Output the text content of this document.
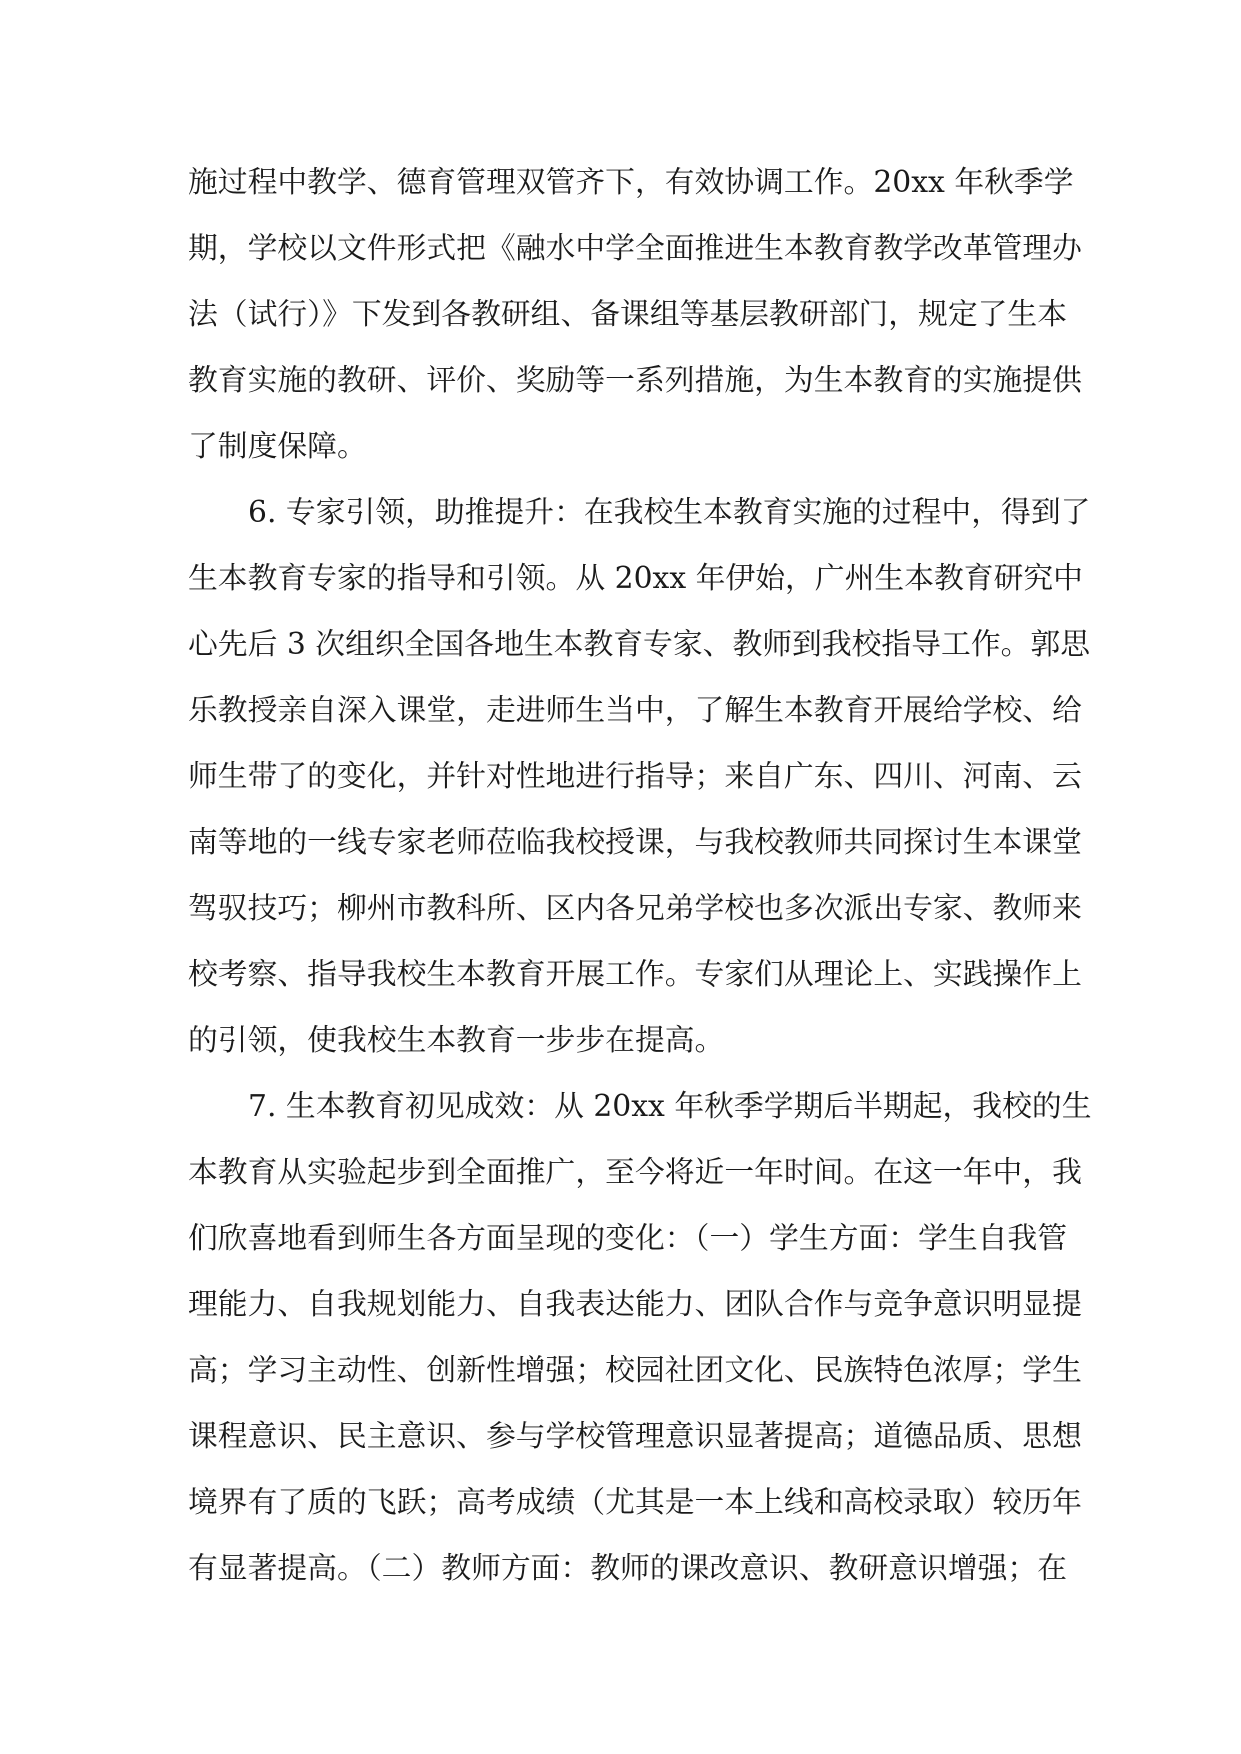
施过程中教学、德育管理双管齐下，有效协调工作。20xx 年秋季学
期，学校以文件形式把《融水中学全面推进生本教育教学改革管理办
法（试行）》下发到各教研组、备课组等基层教研部门，规定了生本
教育实施的教研、评价、奖励等一系列措施，为生本教育的实施提供
了制度保障。
6. 专家引领，助推提升：在我校生本教育实施的过程中，得到了
生本教育专家的指导和引领。从 20xx 年伊始，广州生本教育研究中
心先后 3 次组织全国各地生本教育专家、教师到我校指导工作。郭思
乐教授亲自深入课堂，走进师生当中，了解生本教育开展给学校、给
师生带了的变化，并针对性地进行指导；来自广东、四川、河南、云
南等地的一线专家老师莅临我校授课，与我校教师共同探讨生本课堂
驾驭技巧；柳州市教科所、区内各兄弟学校也多次派出专家、教师来
校考察、指导我校生本教育开展工作。专家们从理论上、实践操作上
的引领，使我校生本教育一步步在提高。
7. 生本教育初见成效：从 20xx 年秋季学期后半期起，我校的生
本教育从实验起步到全面推广，至今将近一年时间。在这一年中，我
们欣喜地看到师生各方面呈现的变化：（一）学生方面：学生自我管
理能力、自我规划能力、自我表达能力、团队合作与竞争意识明显提
高；学习主动性、创新性增强；校园社团文化、民族特色浓厚；学生
课程意识、民主意识、参与学校管理意识显著提高；道德品质、思想
境界有了质的飞跃；高考成绩（尤其是一本上线和高校录取）较历年
有显著提高。（二）教师方面：教师的课改意识、教研意识增强；在
